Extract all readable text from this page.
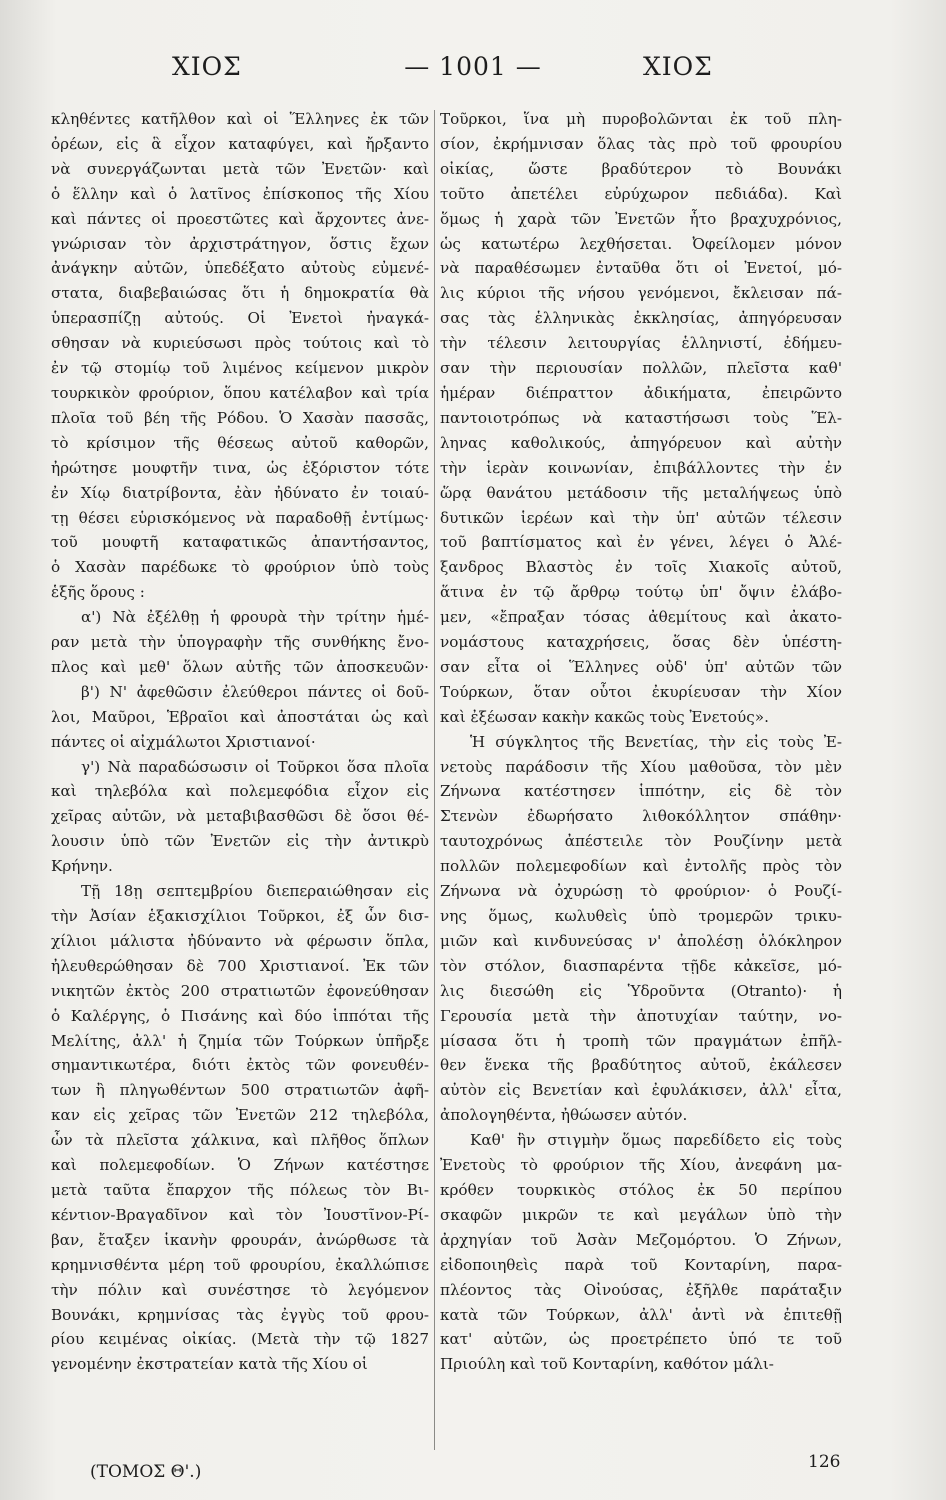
ΧΙΟΣ	— 1001 —	ΧΙΟΣ
κληθέντες κατῆλθον καὶ οἱ Ἕλληνες ἐκ τῶν
ὀρέων, εἰς ἃ εἶχον καταφύγει, καὶ ἤρξαντο
νὰ συνεργάζωνται μετὰ τῶν Ἐνετῶν· καὶ
ὁ ἕλλην καὶ ὁ λατῖνος ἐπίσκοπος τῆς Χίου
καὶ πάντες οἱ προεστῶτες καὶ ἄρχοντες ἀνε-
γνώρισαν τὸν ἀρχιστράτηγον, ὅστις ἔχων
ἀνάγκην αὐτῶν, ὑπεδέξατο αὐτοὺς εὐμενέ-
στατα, διαβεβαιώσας ὅτι ἡ δημοκρατία θὰ
ὑπερασπίζῃ αὐτούς. Οἱ Ἐνετοὶ ἠναγκά-
σθησαν νὰ κυριεύσωσι πρὸς τούτοις καὶ τὸ
ἐν τῷ στομίῳ τοῦ λιμένος κείμενον μικρὸν
τουρκικὸν φρούριον, ὅπου κατέλαβον καὶ τρία
πλοῖα τοῦ βέη τῆς Ρόδου. Ὁ Χασὰν πασσᾶς,
τὸ κρίσιμον τῆς θέσεως αὐτοῦ καθορῶν,
ἠρώτησε μουφτῆν τινα, ὡς ἐξόριστον τότε
ἐν Χίῳ διατρίβοντα, ἐὰν ἠδύνατο ἐν τοιαύ-
τῃ θέσει εὑρισκόμενος νὰ παραδοθῇ ἐντίμως·
τοῦ μουφτῆ καταφατικῶς ἀπαντήσαντος,
ὁ Χασὰν παρέδωκε τὸ φρούριον ὑπὸ τοὺς
ἑξῆς ὅρους :
α') Νὰ ἐξέλθῃ ἡ φρουρὰ τὴν τρίτην ἡμέ-
ραν μετὰ τὴν ὑπογραφὴν τῆς συνθήκης ἔνο-
πλος καὶ μεθ' ὅλων αὐτῆς τῶν ἀποσκευῶν·
β') Ν' ἀφεθῶσιν ἐλεύθεροι πάντες οἱ δοῦ-
λοι, Μαῦροι, Ἑβραῖοι καὶ ἀποστάται ὡς καὶ
πάντες οἱ αἰχμάλωτοι Χριστιανοί·
γ') Νὰ παραδώσωσιν οἱ Τοῦρκοι ὅσα πλοῖα
καὶ τηλεβόλα καὶ πολεμεφόδια εἶχον εἰς
χεῖρας αὐτῶν, νὰ μεταβιβασθῶσι δὲ ὅσοι θέ-
λουσιν ὑπὸ τῶν Ἐνετῶν εἰς τὴν ἀντικρὺ
Κρήνην.
Τῇ 18ῃ σεπτεμβρίου διεπεραιώθησαν εἰς
τὴν Ἀσίαν ἑξακισχίλιοι Τοῦρκοι, ἐξ ὧν δισ-
χίλιοι μάλιστα ἠδύναντο νὰ φέρωσιν ὅπλα,
ἠλευθερώθησαν δὲ 700 Χριστιανοί. Ἐκ τῶν
νικητῶν ἐκτὸς 200 στρατιωτῶν ἐφονεύθησαν
ὁ Καλέργης, ὁ Πισάνης καὶ δύο ἱππόται τῆς
Μελίτης, ἀλλ' ἡ ζημία τῶν Τούρκων ὑπῆρξε
σημαντικωτέρα, διότι ἐκτὸς τῶν φονευθέν-
των ἢ πληγωθέντων 500 στρατιωτῶν ἀφῆ-
καν εἰς χεῖρας τῶν Ἐνετῶν 212 τηλεβόλα,
ὧν τὰ πλεῖστα χάλκινα, καὶ πλῆθος ὅπλων
καὶ πολεμεφοδίων. Ὁ Ζήνων κατέστησε
μετὰ ταῦτα ἔπαρχον τῆς πόλεως τὸν Βι-
κέντιον-Βραγαδῖνον καὶ τὸν Ἰουστῖνον-Ρί-
βαν, ἔταξεν ἱκανὴν φρουράν, ἀνώρθωσε τὰ
κρημνισθέντα μέρη τοῦ φρουρίου, ἐκαλλώπισε
τὴν πόλιν καὶ συνέστησε τὸ λεγόμενον
Βουνάκι, κρημνίσας τὰς ἐγγὺς τοῦ φρου-
ρίου κειμένας οἰκίας. (Μετὰ τὴν τῷ 1827
γενομένην ἐκστρατείαν κατὰ τῆς Χίου οἱ
Τοῦρκοι, ἵνα μὴ πυροβολῶνται ἐκ τοῦ πλη-
σίον, ἐκρήμνισαν ὅλας τὰς πρὸ τοῦ φρουρίου
οἰκίας, ὥστε βραδύτερον τὸ Βουνάκι
τοῦτο ἀπετέλει εὐρύχωρον πεδιάδα). Καὶ
ὅμως ἡ χαρὰ τῶν Ἐνετῶν ἦτο βραχυχρόνιος,
ὡς κατωτέρω λεχθήσεται. Ὀφείλομεν μόνον
νὰ παραθέσωμεν ἐνταῦθα ὅτι οἱ Ἐνετοί, μό-
λις κύριοι τῆς νήσου γενόμενοι, ἔκλεισαν πά-
σας τὰς ἑλληνικὰς ἐκκλησίας, ἀπηγόρευσαν
τὴν τέλεσιν λειτουργίας ἑλληνιστί, ἐδήμευ-
σαν τὴν περιουσίαν πολλῶν, πλεῖστα καθ'
ἡμέραν διέπραττον ἀδικήματα, ἐπειρῶντο
παντοιοτρόπως νὰ καταστήσωσι τοὺς Ἕλ-
ληνας καθολικούς, ἀπηγόρευον καὶ αὐτὴν
τὴν ἱερὰν κοινωνίαν, ἐπιβάλλοντες τὴν ἐν
ὥρᾳ θανάτου μετάδοσιν τῆς μεταλήψεως ὑπὸ
δυτικῶν ἱερέων καὶ τὴν ὑπ' αὐτῶν τέλεσιν
τοῦ βαπτίσματος καὶ ἐν γένει, λέγει ὁ Ἀλέ-
ξανδρος Βλαστὸς ἐν τοῖς Χιακοῖς αὐτοῦ,
ἅτινα ἐν τῷ ἄρθρῳ τούτῳ ὑπ' ὄψιν ἐλάβο-
μεν, «ἔπραξαν τόσας ἀθεμίτους καὶ ἀκατο-
νομάστους καταχρήσεις, ὅσας δὲν ὑπέστη-
σαν εἶτα οἱ Ἕλληνες οὐδ' ὑπ' αὐτῶν τῶν
Τούρκων, ὅταν οὗτοι ἐκυρίευσαν τὴν Χίον
καὶ ἐξέωσαν κακὴν κακῶς τοὺς Ἐνετούς».
Ἡ σύγκλητος τῆς Βενετίας, τὴν εἰς τοὺς Ἐ-
νετοὺς παράδοσιν τῆς Χίου μαθοῦσα, τὸν μὲν
Ζήνωνα κατέστησεν ἱππότην, εἰς δὲ τὸν
Στενὼν ἐδωρήσατο λιθοκόλλητον σπάθην·
ταυτοχρόνως ἀπέστειλε τὸν Ρουζίνην μετὰ
πολλῶν πολεμεφοδίων καὶ ἐντολῆς πρὸς τὸν
Ζήνωνα νὰ ὀχυρώσῃ τὸ φρούριον· ὁ Ρουζί-
νης ὅμως, κωλυθεὶς ὑπὸ τρομερῶν τρικυ-
μιῶν καὶ κινδυνεύσας ν' ἀπολέσῃ ὁλόκληρον
τὸν στόλον, διασπαρέντα τῇδε κἀκεῖσε, μό-
λις διεσώθη εἰς Ὑδροῦντα (Otranto)· ἡ
Γερουσία μετὰ τὴν ἀποτυχίαν ταύτην, νο-
μίσασα ὅτι ἡ τροπὴ τῶν πραγμάτων ἐπῆλ-
θεν ἕνεκα τῆς βραδύτητος αὐτοῦ, ἐκάλεσεν
αὐτὸν εἰς Βενετίαν καὶ ἐφυλάκισεν, ἀλλ' εἶτα,
ἀπολογηθέντα, ἠθώωσεν αὐτόν.
Καθ' ἣν στιγμὴν ὅμως παρεδίδετο εἰς τοὺς
Ἐνετοὺς τὸ φρούριον τῆς Χίου, ἀνεφάνη μα-
κρόθεν τουρκικὸς στόλος ἐκ 50 περίπου
σκαφῶν μικρῶν τε καὶ μεγάλων ὑπὸ τὴν
ἀρχηγίαν τοῦ Ἀσὰν Μεζομόρτου. Ὁ Ζήνων,
εἰδοποιηθεὶς παρὰ τοῦ Κονταρίνη, παρα-
πλέοντος τὰς Οἰνούσας, ἐξῆλθε παράταξιν
κατὰ τῶν Τούρκων, ἀλλ' ἀντὶ νὰ ἐπιτεθῇ
κατ' αὐτῶν, ὡς προετρέπετο ὑπό τε τοῦ
Πριούλη καὶ τοῦ Κονταρίνη, καθότον μάλι-
(ΤΟΜΟΣ Θ'.)	126
